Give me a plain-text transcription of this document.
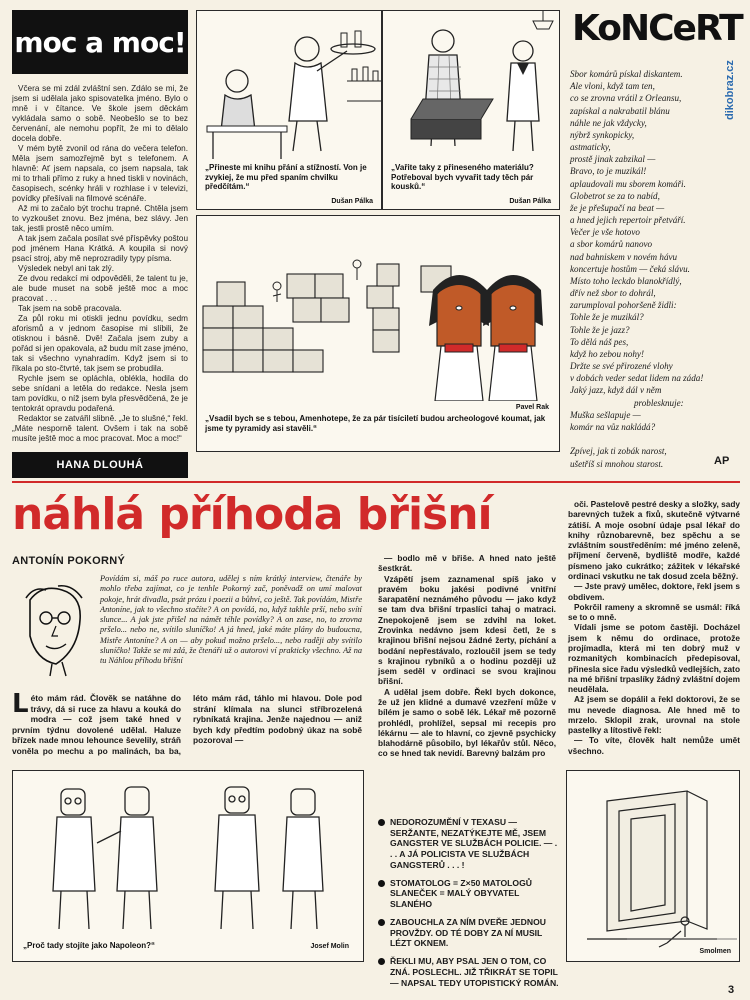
moc a moc!

Včera se mi zdál zvláštní sen. Zdálo se mi, že jsem si udělala jako spisovatelka jméno. Bylo o mně i v čítance. Ve škole jsem děckám vykládala samo o sobě. Neobešlo se to bez červenání, ale nemohu popřít, že mi to dělalo docela dobře.

V mém bytě zvonil od rána do večera telefon. Měla jsem samozřejmě byt s telefonem. A hlavně: Ať jsem napsala, co jsem napsala, tak mi to trhali přímo z ruky a hned tiskli v novinách, časopisech, scénky hráli v rozhlase i v televizi, povídky přešívali na filmové scénáře.

Až mi to začalo být trochu trapné. Chtěla jsem to vyzkoušet znovu. Bez jména, bez slávy. Jen tak, jestli prostě něco umím.

A tak jsem začala posílat své příspěvky poštou pod jménem Hana Krátká. A koupila si nový psací stroj, aby mě neprozradily typy písma.

Výsledek nebyl ani tak zlý.

Ze dvou redakcí mi odpověděli, že talent tu je, ale bude muset na sobě ještě moc a moc pracovat . . .

Tak jsem na sobě pracovala.

Za půl roku mi otiskli jednu povídku, sedm aforismů a v jednom časopise mi slíbili, že otisknou i básně. Dvě! Začala jsem zuby a pořád si jen opakovala, až budu mít zase jméno, tak si všechno vynahradím. Když jsem si to říkala po sto-čtvrté, tak jsem se probudila.

Rychle jsem se opláchla, oblékla, hodila do sebe snídani a letěla do redakce. Nesla jsem tam povídku, o níž jsem byla přesvědčená, že je tentokrát opravdu podařená.

Redaktor se zatvářil slibně. „Je to slušné,“ řekl. „Máte nesporně talent. Ovšem i tak na sobě musíte ještě moc a moc pracovat. Moc a moc!“

HANA DLOUHÁ
„Přineste mi knihu přání a stížností. Von je zvykiej, že mu před spaním chvilku předčítám.“
Dušan Pálka
„Vařite taky z přineseného materiálu? Potřeboval bych vyvařit tady těch pár kousků.“
Dušan Pálka
Pavel Rak
„Vsadil bych se s tebou, Amenhotepe, že za pár tisíciletí budou archeologové koumat, jak jsme ty pyramidy asi stavěli.“
KoNCeRT
dikobraz.cz
Sbor komárů pískal diskantem.
Ale vloni, když tam ten,
co se zrovna vrátil z Orleansu,
zapískal a nakrabatil blánu
náhle ne jak vždycky,
nýbrž synkopicky,
astmaticky,
prostě jinak zabzikal —
Bravo, to je muzikál!
aplaudovali mu sborem komáři.
Globetrot se za to nabíd,
že je přešupačí na beat —
a hned jejich repertoir přetváří.
Večer je vše hotovo
a sbor komárů nanovo
nad bahniskem v novém hávu
koncertuje hostům — čeká slávu.
Místo toho leckdo blanokřídlý,
dřív než sbor to dohrál,
zarumploval pohoršeně židli:
Tohle že je muzikál?
Tohle že je jazz?
To dělá náš pes,
když ho zebou nohy!
Držte se své přirozené vlohy
v dobách veder sedat lidem na záda!
Jaký jazz, když dál v něm
problesknuje:
Muška sešlapuje —
komár na vůz nakládá?

Zpívej, jak ti zobák narost,
ušetříš si mnohou starost.	AP
náhlá příhoda břišní
ANTONÍN POKORNÝ
Povídám si, máš po ruce autora, udělej s ním krátký interview, čtenáře by mohlo třeba zajímat, co je tenhle Pokorný zač, poněvadž on umí malovat pokoje, hrát divadla, psát prózu i poezii a bůhví, co ještě. Tak povídám, Mistře Antoníne, jak to všechno stačíte? A on povídá, no, když takhle prší, nebo svítí slunce... A jak jste přišel na námět téhle povídky? A on zase, no, to zrovna pršelo... nebo ne, svítilo sluníčko! A já hned, jaké máte plány do budoucna, Mistře Antoníne? A on — aby pokud možno pršelo..., nebo raději aby svítilo sluníčko! Takže se mi zdá, že čtenáři už o autorovi ví prakticky všechno. Až na tu Náhlou příhodu břišní
Léto mám rád. Člověk se natáhne do trávy, dá si ruce za hlavu a kouká do modra — což jsem také hned v prvním týdnu dovolené udělal. Haluze břízek nade mnou lehounce ševelily, stráň voněla po mechu a po malinách, ba ba, léto mám rád, táhlo mi hlavou. Dole pod strání klímala na slunci stříbrozelená rybníkatá krajina. Jenže najednou — aniž bych kdy předtím podobný úkaz na sobě pozoroval —

— bodlo mě v břiše. A hned nato ještě šestkrát.

Vzápětí jsem zaznamenal spíš jako v pravém boku jakési podivné vnitřní šarapatění neznámého původu — jako když se tam dva břišní trpaslíci tahaj o matraci. Znepokojeně jsem se zdvihl na loket. Zrovinka nedávno jsem kdesi četl, že s krajinou břišní nejsou žádné žerty, píchání a bodání nepřestávalo, rozloučil jsem se tedy s krajinou rybníků a o hodinu později už jsem seděl v ordinaci se svou krajinou břišní.

A udělal jsem dobře. Řekl bych dokonce, že už jen klidné a dumavé vzezření může v bílém je samo o sobě lék. Lékař mě pozorně prohlédl, prohlížel, sepsal mi recepis pro lékárnu — ale to hlavní, co zjevně psychicky blahodárně působilo, byl lékařův stůl. Něco, co se hned tak nevidí. Barevný balzám pro

oči. Pastelově pestré desky a složky, sady barevných tužek a fixů, skutečně výtvarné zátiší. A moje osobní údaje psal lékař do knihy různobarevně, bez spěchu a se zvláštním soustředěním: mé jméno zeleně, příjmení červeně, bydliště modře, každé písmeno jako cukrátko; zážitek v lékařské ordinaci vskutku ne tak dosud zcela běžný.

— Jste pravý umělec, doktore, řekl jsem s obdivem.

Pokrčil rameny a skromně se usmál: říká se to o mně.

Vídali jsme se potom častěji. Docházel jsem k němu do ordinace, protože projímadla, která mi ten dobrý muž v rozmanitých kombinacích předepisoval, přinesla sice řadu výsledků vedlejších, zato na mé břišní trpaslíky žádný zvláštní dojem neudělala.

Až jsem se dopálil a řekl doktorovi, že se mu nevede diagnosa. Ale hned mě to mrzelo. Sklopil zrak, urovnal na stole pastelky a lítostivě řekl:

— To víte, člověk halt nemůže umět všechno.

„Proč tady stojíte jako Napoleon?“	Josef Molin
NEDOROZUMĚNÍ V TEXASU — SERŽANTE, NEZATÝKEJTE MĚ, JSEM GANGSTER VE SLUŽBÁCH POLICIE. — . . . A JÁ POLICISTA VE SLUŽBÁCH GANGSTERŮ . . . !
STOMATOLOG = Z×50 MATOLOGŮ SLANEČEK = MALÝ OBYVATEL SLANÉHO
ZABOUCHLA ZA NÍM DVEŘE JEDNOU PROVŽDY. OD TÉ DOBY ZA NÍ MUSIL LÉZT OKNEM.
ŘEKLI MU, ABY PSAL JEN O TOM, CO ZNÁ. POSLECHL. JIŽ TŘIKRÁT SE TOPIL — NAPSAL TEDY UTOPISTICKÝ ROMÁN.
Smolmen
3
